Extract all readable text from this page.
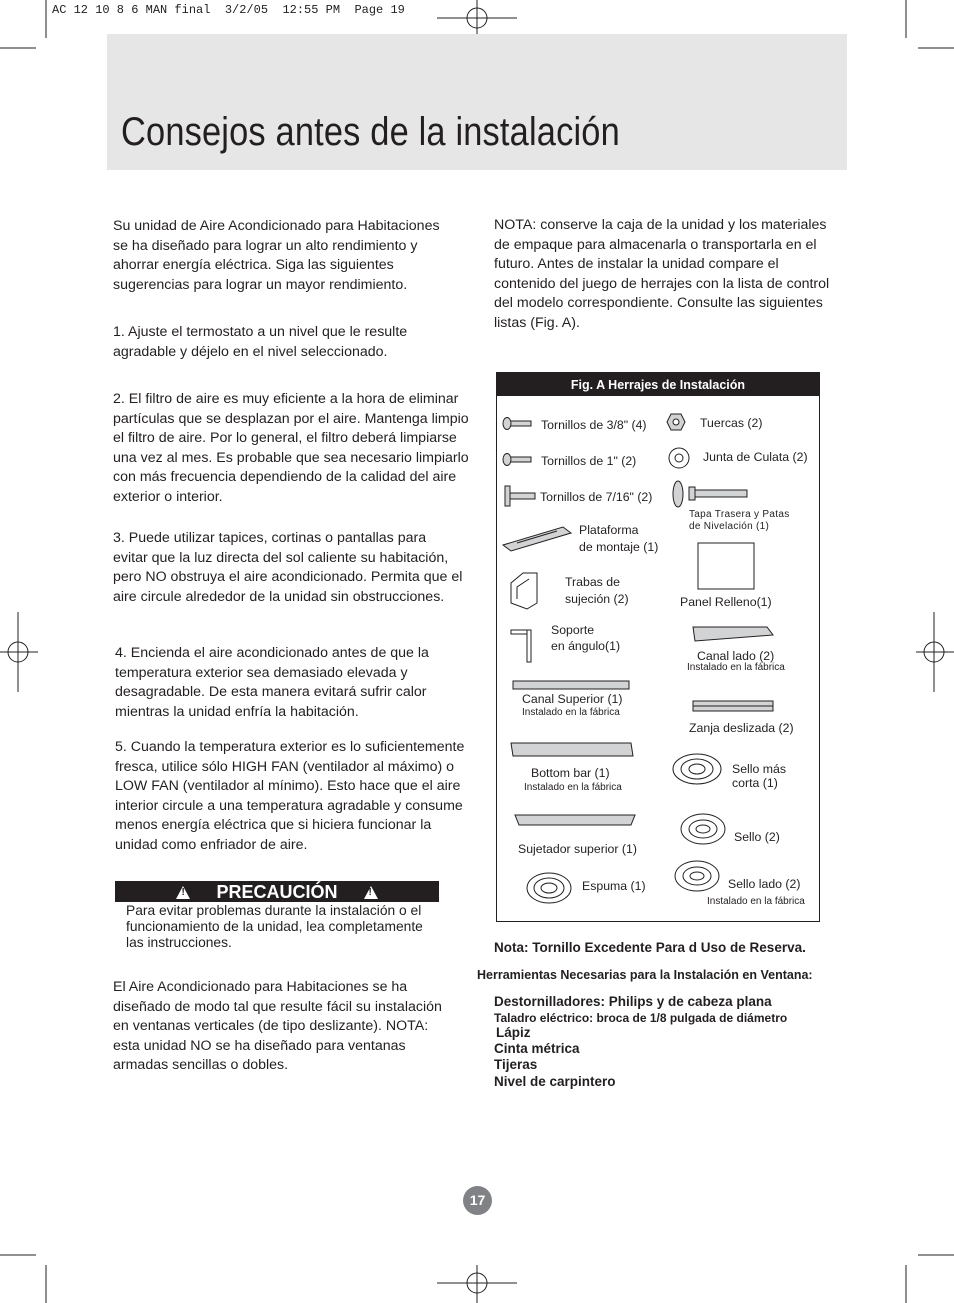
AC 12 10 8 6 MAN final  3/2/05  12:55 PM  Page 19
Consejos antes de la instalación
Su unidad de Aire Acondicionado para Habitaciones
se ha diseñado para lograr un alto rendimiento y ahorrar energía eléctrica. Siga las siguientes sugerencias para lograr un mayor rendimiento.
1. Ajuste el termostato a un nivel que le resulte agradable y déjelo en el nivel seleccionado.
2. El filtro de aire es muy eficiente a la hora de eliminar partículas que se desplazan por el aire. Mantenga limpio el filtro de aire. Por lo general, el filtro deberá limpiarse una vez al mes. Es probable que sea necesario limpiarlo con más frecuencia dependiendo de la calidad del aire exterior o interior.
3. Puede utilizar tapices, cortinas o pantallas para evitar que la luz directa del sol caliente su habitación, pero NO obstruya el aire acondicionado. Permita que el aire circule alrededor de la unidad sin obstrucciones.
4. Encienda el aire acondicionado antes de que la temperatura exterior sea demasiado elevada y desagradable. De esta manera evitará sufrir calor mientras la unidad enfría la habitación.
5. Cuando la temperatura exterior es lo suficientemente fresca, utilice sólo HIGH FAN (ventilador al máximo) o LOW FAN (ventilador al mínimo). Esto hace que el aire interior circule a una temperatura agradable y consume menos energía eléctrica que si hiciera funcionar la unidad como enfriador de aire.
!PRECAUCIÓN!
Para evitar problemas durante la instalación o el funcionamiento de la unidad, lea completamente las instrucciones.
El Aire Acondicionado para Habitaciones se ha diseñado de modo tal que resulte fácil su instalación en ventanas verticales (de tipo deslizante). NOTA: esta unidad NO se ha diseñado para ventanas armadas sencillas o dobles.
NOTA: conserve la caja de la unidad y los materiales de empaque para almacenarla o transportarla en el futuro. Antes de instalar la unidad compare el contenido del juego de herrajes con la lista de control del modelo correspondiente. Consulte las siguientes listas (Fig. A).
Fig. A Herrajes de Instalación
Tornillos de 3/8" (4)
Tornillos de 1" (2)
Tornillos de 7/16" (2)
Plataforma
de montaje (1)
Trabas de
sujeción (2)
Soporte
en ángulo(1)
Canal Superior (1)
Instalado en la fábrica
Bottom bar (1)
Instalado en la fábrica
Sujetador superior (1)
Espuma (1)
Tuercas (2)
Junta de Culata (2)
Tapa Trasera y Patas
de Nivelación (1)
Panel Relleno(1)
Canal lado (2)
Instalado en la fábrica
Zanja deslizada (2)
Sello más
corta (1)
Sello (2)
Sello lado (2)
Instalado en la fábrica
Nota: Tornillo Excedente Para d Uso de Reserva.
Herramientas Necesarias para la Instalación en Ventana:
Destornilladores: Philips y de cabeza plana
Taladro eléctrico: broca de 1/8 pulgada de diámetro
Lápiz
Cinta métrica
Tijeras
Nivel de carpintero
17
